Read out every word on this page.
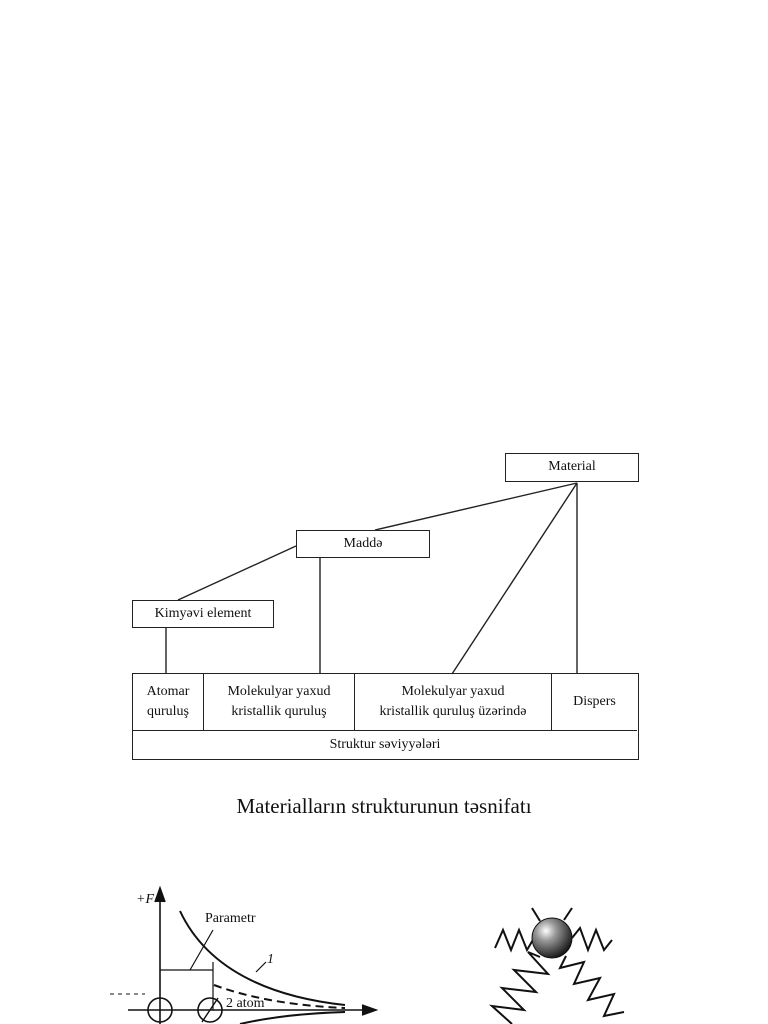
Material
Maddə
Kimyəvi element
Atomar
quruluş
Molekulyar yaxud
kristallik quruluş
Molekulyar yaxud
kristallik quruluş üzərində
Dispers
Struktur səviyyələri
Materialların strukturunun təsnifatı
+F
Parametr
1
2 atom
